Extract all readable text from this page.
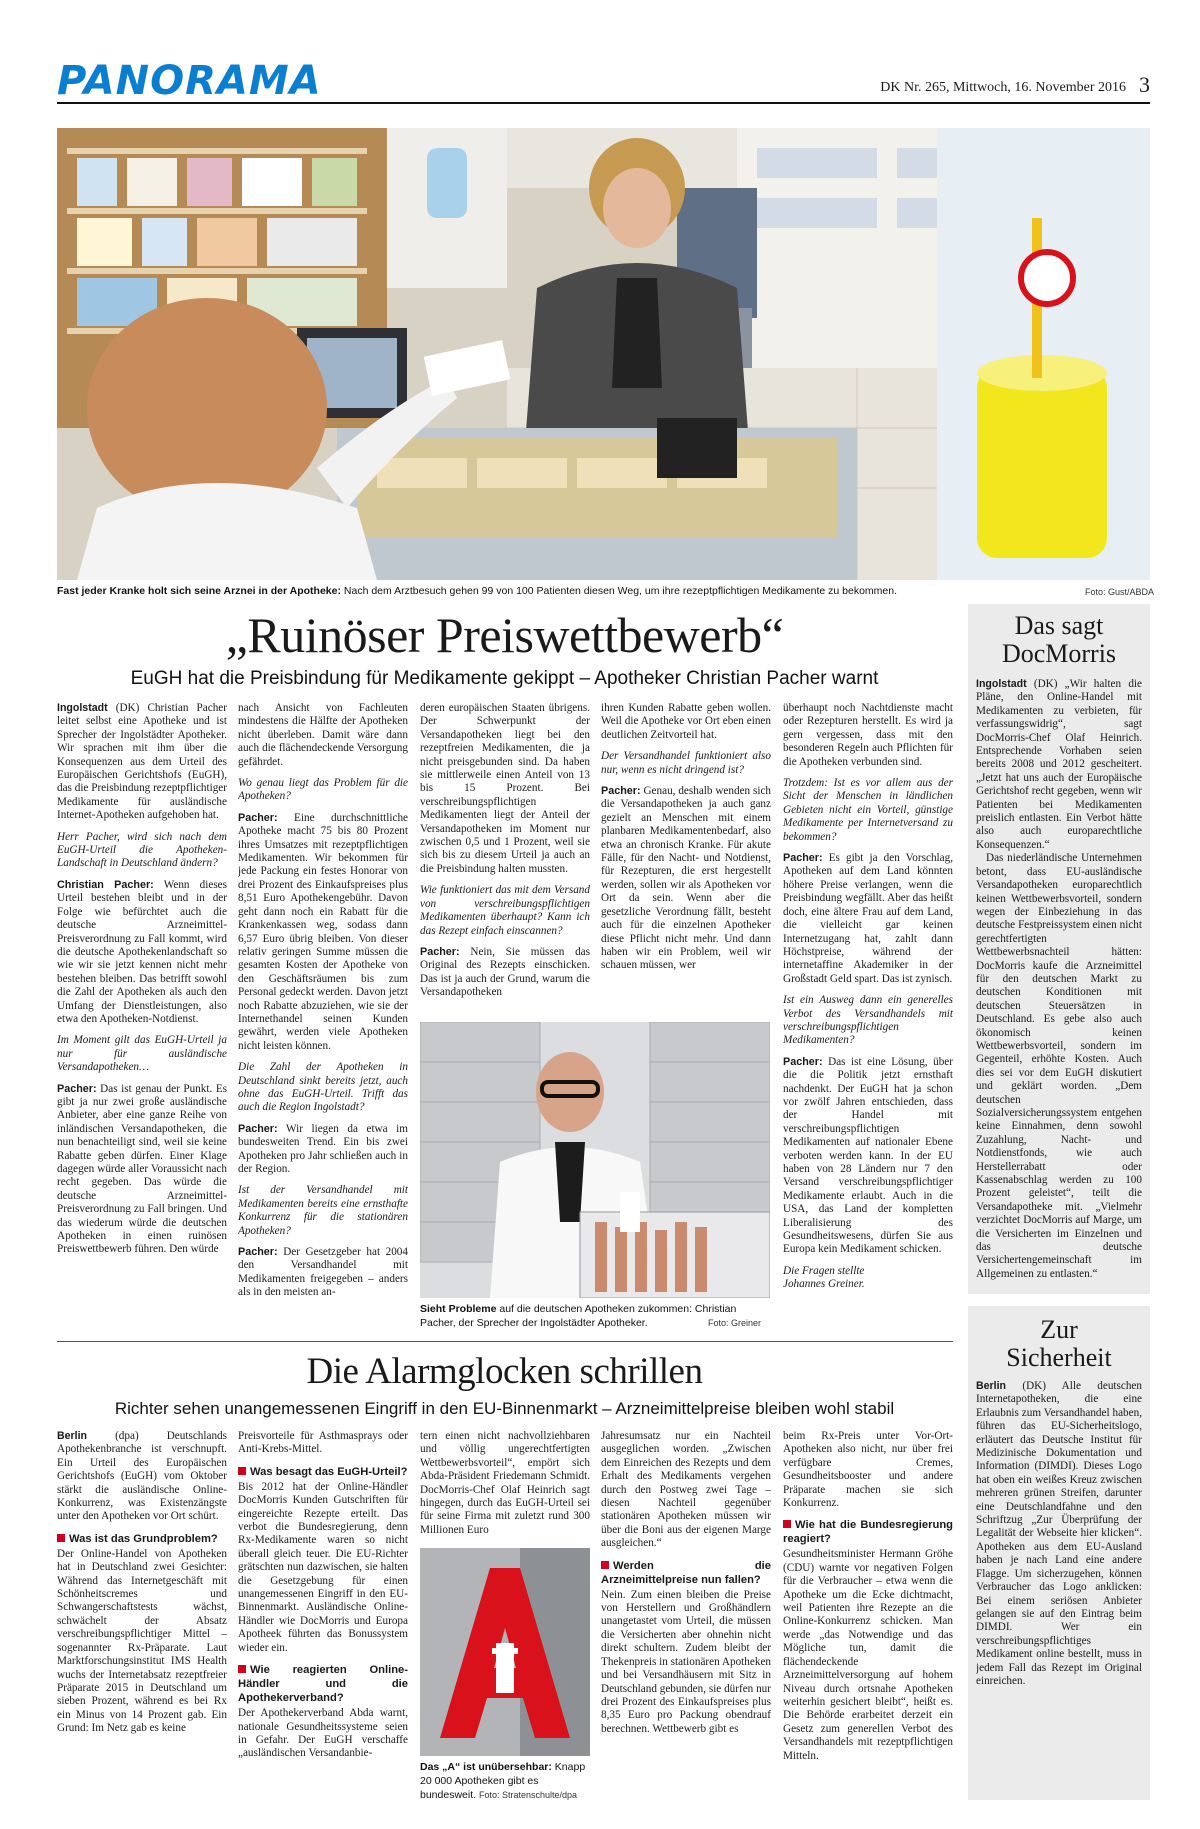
PANORAMA	DK Nr. 265, Mittwoch, 16. November 2016 3
Fast jeder Kranke holt sich seine Arznei in der Apotheke: Nach dem Arztbesuch gehen 99 von 100 Patienten diesen Weg, um ihre rezeptpflichtigen Medikamente zu bekommen.	Foto: Gust/ABDA
„Ruinöser Preiswettbewerb“
EuGH hat die Preisbindung für Medikamente gekippt – Apotheker Christian Pacher warnt

Ingolstadt (DK) Christian Pacher leitet selbst eine Apotheke und ist Sprecher der Ingolstädter Apotheker. Wir sprachen mit ihm über die Konsequenzen aus dem Urteil des Europäischen Gerichtshofs (EuGH), das die Preisbindung rezeptpflichtiger Medikamente für ausländische Internet-Apotheken aufgehoben hat.

Herr Pacher, wird sich nach dem EuGH-Urteil die Apotheken-Landschaft in Deutschland ändern?

Christian Pacher: Wenn dieses Urteil bestehen bleibt und in der Folge wie befürchtet auch die deutsche Arzneimittel-Preisverordnung zu Fall kommt, wird die deutsche Apothekenlandschaft so wie wir sie jetzt kennen nicht mehr bestehen bleiben. Das betrifft sowohl die Zahl der Apotheken als auch den Umfang der Dienstleistungen, also etwa den Apotheken-Notdienst.

Im Moment gilt das EuGH-Urteil ja nur für ausländische Versandapotheken…

Pacher: Das ist genau der Punkt. Es gibt ja nur zwei große ausländische Anbieter, aber eine ganze Reihe von inländischen Versandapotheken, die nun benachteiligt sind, weil sie keine Rabatte geben dürfen. Einer Klage dagegen würde aller Voraussicht nach recht gegeben. Das würde die deutsche Arzneimittel-Preisverordnung zu Fall bringen. Und das wiederum würde die deutschen Apotheken in einen ruinösen Preiswettbewerb führen. Den würde

nach Ansicht von Fachleuten mindestens die Hälfte der Apotheken nicht überleben. Damit wäre dann auch die flächendeckende Versorgung gefährdet.

Wo genau liegt das Problem für die Apotheken?

Pacher: Eine durchschnittliche Apotheke macht 75 bis 80 Prozent ihres Umsatzes mit rezeptpflichtigen Medikamenten. Wir bekommen für jede Packung ein festes Honorar von drei Prozent des Einkaufspreises plus 8,51 Euro Apothekengebühr. Davon geht dann noch ein Rabatt für die Krankenkassen weg, sodass dann 6,57 Euro übrig bleiben. Von dieser relativ geringen Summe müssen die gesamten Kosten der Apotheke von den Geschäftsräumen bis zum Personal gedeckt werden. Davon jetzt noch Rabatte abzuziehen, wie sie der Internethandel seinen Kunden gewährt, werden viele Apotheken nicht leisten können.

Die Zahl der Apotheken in Deutschland sinkt bereits jetzt, auch ohne das EuGH-Urteil. Trifft das auch die Region Ingolstadt?

Pacher: Wir liegen da etwa im bundesweiten Trend. Ein bis zwei Apotheken pro Jahr schließen auch in der Region.

Ist der Versandhandel mit Medikamenten bereits eine ernsthafte Konkurrenz für die stationären Apotheken?

Pacher: Der Gesetzgeber hat 2004 den Versandhandel mit Medikamenten freigegeben – anders als in den meisten an-

deren europäischen Staaten übrigens. Der Schwerpunkt der Versandapotheken liegt bei den rezeptfreien Medikamenten, die ja nicht preisgebunden sind. Da haben sie mittlerweile einen Anteil von 13 bis 15 Prozent. Bei verschreibungspflichtigen Medikamenten liegt der Anteil der Versandapotheken im Moment nur zwischen 0,5 und 1 Prozent, weil sie sich bis zu diesem Urteil ja auch an die Preisbindung halten mussten.

Wie funktioniert das mit dem Versand von verschreibungspflichtigen Medikamenten überhaupt? Kann ich das Rezept einfach einscannen?

Pacher: Nein, Sie müssen das Original des Rezepts einschicken. Das ist ja auch der Grund, warum die Versandapotheken

ihren Kunden Rabatte geben wollen. Weil die Apotheke vor Ort eben einen deutlichen Zeitvorteil hat.

Der Versandhandel funktioniert also nur, wenn es nicht dringend ist?

Pacher: Genau, deshalb wenden sich die Versandapotheken ja auch ganz gezielt an Menschen mit einem planbaren Medikamentenbedarf, also etwa an chronisch Kranke. Für akute Fälle, für den Nacht- und Notdienst, für Rezepturen, die erst hergestellt werden, sollen wir als Apotheken vor Ort da sein. Wenn aber die gesetzliche Verordnung fällt, besteht auch für die einzelnen Apotheker diese Pflicht nicht mehr. Und dann haben wir ein Problem, weil wir schauen müssen, wer

überhaupt noch Nachtdienste macht oder Rezepturen herstellt. Es wird ja gern vergessen, dass mit den besonderen Regeln auch Pflichten für die Apotheken verbunden sind.

Trotzdem: Ist es vor allem aus der Sicht der Menschen in ländlichen Gebieten nicht ein Vorteil, günstige Medikamente per Internetversand zu bekommen?

Pacher: Es gibt ja den Vorschlag, Apotheken auf dem Land könnten höhere Preise verlangen, wenn die Preisbindung wegfällt. Aber das heißt doch, eine ältere Frau auf dem Land, die vielleicht gar keinen Internetzugang hat, zahlt dann Höchstpreise, während der internetaffine Akademiker in der Großstadt Geld spart. Das ist zynisch.

Ist ein Ausweg dann ein generelles Verbot des Versandhandels mit verschreibungspflichtigen Medikamenten?

Pacher: Das ist eine Lösung, über die die Politik jetzt ernsthaft nachdenkt. Der EuGH hat ja schon vor zwölf Jahren entschieden, dass der Handel mit verschreibungspflichtigen Medikamenten auf nationaler Ebene verboten werden kann. In der EU haben von 28 Ländern nur 7 den Versand verschreibungspflichtiger Medikamente erlaubt. Auch in die USA, das Land der kompletten Liberalisierung des Gesundheitswesens, dürfen Sie aus Europa kein Medikament schicken.

Die Fragen stellte

Johannes Greiner.

Sieht Probleme auf die deutschen Apotheken zukommen: Christian Pacher, der Sprecher der Ingolstädter Apotheker.	Foto: Greiner
Das sagt
DocMorris

Ingolstadt (DK) „Wir halten die Pläne, den Online-Handel mit Medikamenten zu verbieten, für verfassungswidrig“, sagt DocMorris-Chef Olaf Heinrich. Entsprechende Vorhaben seien bereits 2008 und 2012 gescheitert. „Jetzt hat uns auch der Europäische Gerichtshof recht gegeben, wenn wir Patienten bei Medikamenten preislich entlasten. Ein Verbot hätte also auch europarechtliche Konsequenzen.“

Das niederländische Unternehmen betont, dass EU-ausländische Versandapotheken europarechtlich keinen Wettbewerbsvorteil, sondern wegen der Einbeziehung in das deutsche Festpreissystem einen nicht gerechtfertigten Wettbewerbsnachteil hätten: DocMorris kaufe die Arzneimittel für den deutschen Markt zu deutschen Konditionen mit deutschen Steuersätzen in Deutschland. Es gebe also auch ökonomisch keinen Wettbewerbsvorteil, sondern im Gegenteil, erhöhte Kosten. Auch dies sei vor dem EuGH diskutiert und geklärt worden. „Dem deutschen Sozialversicherungssystem entgehen keine Einnahmen, denn sowohl Zuzahlung, Nacht- und Notdienstfonds, wie auch Herstellerrabatt oder Kassenabschlag werden zu 100 Prozent geleistet“, teilt die Versandapotheke mit. „Vielmehr verzichtet DocMorris auf Marge, um die Versicherten im Einzelnen und das deutsche Versichertengemeinschaft im Allgemeinen zu entlasten.“

Die Alarmglocken schrillen
Richter sehen unangemessenen Eingriff in den EU-Binnenmarkt – Arzneimittelpreise bleiben wohl stabil

Berlin	(dpa) Deutschlands Apothekenbranche ist verschnupft. Ein Urteil des Europäischen Gerichtshofs (EuGH) vom Oktober stärkt die ausländische Online-Konkurrenz, was Existenzängste unter den Apotheken vor Ort schürt.

Was ist das Grundproblem?

Der Online-Handel von Apotheken hat in Deutschland zwei Gesichter: Während das Internetgeschäft mit Schönheitscremes und Schwangerschaftstests wächst, schwächelt der Absatz verschreibungspflichtiger Mittel – sogenannter Rx-Präparate. Laut Marktforschungsinstitut IMS Health wuchs der Internetabsatz rezeptfreier Präparate 2015 in Deutschland um sieben Prozent, während es bei Rx ein Minus von 14 Prozent gab. Ein Grund: Im Netz gab es keine

Preisvorteile für Asthmasprays oder Anti-Krebs-Mittel.

Was besagt das EuGH-Urteil?

Bis 2012 hat der Online-Händler DocMorris Kunden Gutschriften für eingereichte Rezepte erteilt. Das verbot die Bundesregierung, denn Rx-Medikamente waren so nicht überall gleich teuer. Die EU-Richter grätschten nun dazwischen, sie halten die Gesetzgebung für einen unangemessenen Eingriff in den EU-Binnenmarkt. Ausländische Online-Händler wie DocMorris und Europa Apotheek führten das Bonussystem wieder ein.

Wie reagierten Online-Händler und die Apothekerverband?

Der Apothekerverband Abda warnt, nationale Gesundheitssysteme seien in Gefahr. Der EuGH verschaffe „ausländischen Versandanbie-

tern einen nicht nachvollziehbaren und völlig ungerechtfertigten Wettbewerbsvorteil“, empört sich Abda-Präsident Friedemann Schmidt. DocMorris-Chef Olaf Heinrich sagt hingegen, durch das EuGH-Urteil sei für seine Firma mit zuletzt rund 300 Millionen Euro

Das „A“ ist unübersehbar: Knapp 20 000 Apotheken gibt es bundesweit. Foto: Stratenschulte/dpa

Jahresumsatz nur ein Nachteil ausgeglichen worden. „Zwischen dem Einreichen des Rezepts und dem Erhalt des Medikaments vergehen durch den Postweg zwei Tage – diesen Nachteil gegenüber stationären Apotheken müssen wir über die Boni aus der eigenen Marge ausgleichen.“

Werden die Arzneimittelpreise nun fallen?

Nein. Zum einen bleiben die Preise von Herstellern und Großhändlern unangetastet vom Urteil, die müssen die Versicherten aber ohnehin nicht direkt schultern. Zudem bleibt der Thekenpreis in stationären Apotheken und bei Versandhäusern mit Sitz in Deutschland gebunden, sie dürfen nur drei Prozent des Einkaufspreises plus 8,35 Euro pro Packung obendrauf berechnen. Wettbewerb gibt es

beim Rx-Preis unter Vor-Ort-Apotheken also nicht, nur über frei verfügbare Cremes, Gesundheitsbooster und andere Präparate machen sie sich Konkurrenz.

Wie hat die Bundesregierung reagiert?

Gesundheitsminister Hermann Gröhe (CDU) warnte vor negativen Folgen für die Verbraucher – etwa wenn die Apotheke um die Ecke dichtmacht, weil Patienten ihre Rezepte an die Online-Konkurrenz schicken. Man werde „das Notwendige und das Mögliche tun, damit die flächendeckende Arzneimittelversorgung auf hohem Niveau durch ortsnahe Apotheken weiterhin gesichert bleibt“, heißt es. Die Behörde erarbeitet derzeit ein Gesetz zum generellen Verbot des Versandhandels mit rezeptpflichtigen Mitteln.

Zur
Sicherheit

Berlin (DK) Alle deutschen Internetapotheken, die eine Erlaubnis zum Versandhandel haben, führen das EU-Sicherheitslogo, erläutert das Deutsche Institut für Medizinische Dokumentation und Information (DIMDI). Dieses Logo hat oben ein weißes Kreuz zwischen mehreren grünen Streifen, darunter eine Deutschlandfahne und den Schriftzug „Zur Überprüfung der Legalität der Webseite hier klicken“. Apotheken aus dem EU-Ausland haben je nach Land eine andere Flagge. Um sicherzugehen, können Verbraucher das Logo anklicken: Bei einem seriösen Anbieter gelangen sie auf den Eintrag beim DIMDI. Wer ein verschreibungspflichtiges Medikament online bestellt, muss in jedem Fall das Rezept im Original einreichen.
